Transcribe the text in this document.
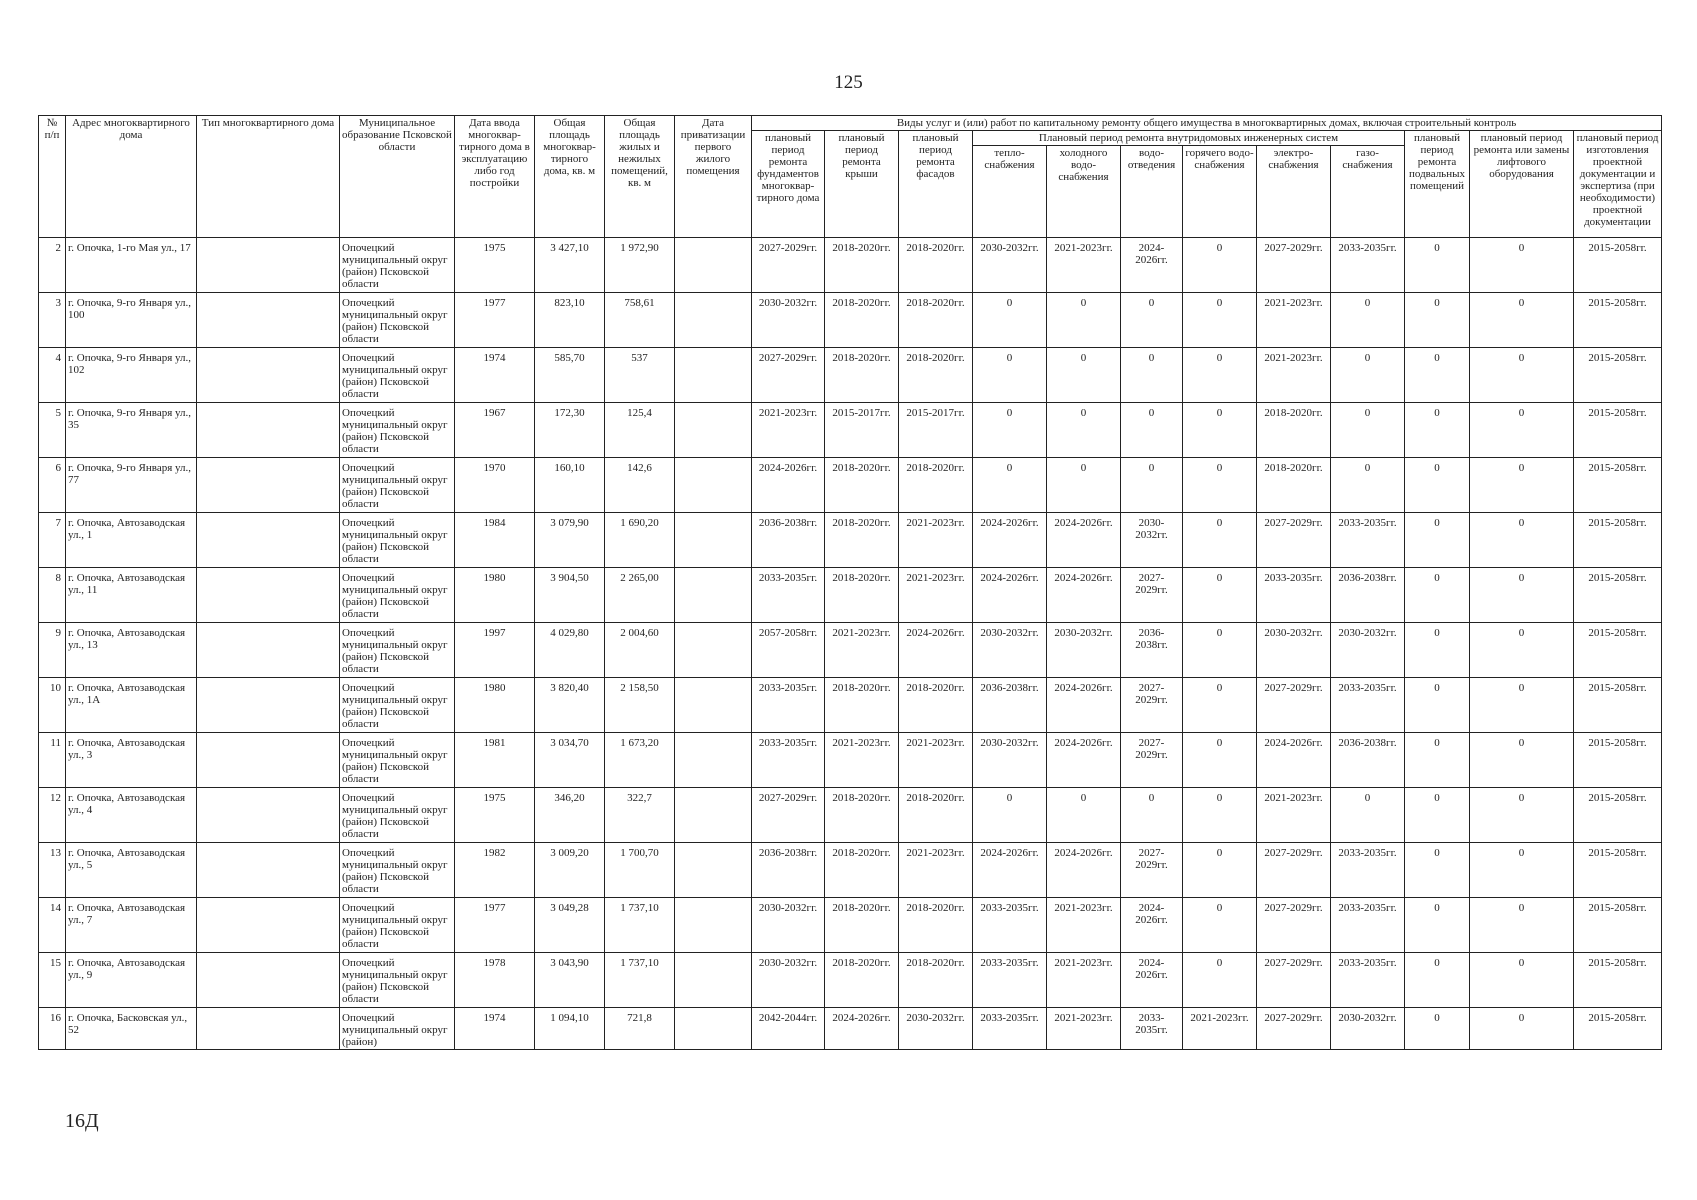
125
№ п/п	Адрес многоквартирного дома	Тип многоквартирного дома	Муниципальное образование Псковской области	Дата ввода многоквар-тирного дома в эксплуатацию либо год постройки	Общая площадь многоквар-тирного дома, кв. м	Общая площадь жилых и нежилых помещений, кв. м	Дата приватизации первого жилого помещения	Виды услуг и (или) работ по капитальному ремонту общего имущества в многоквартирных домах, включая строительный контроль											
								плановый период ремонта фундаментов многоквар-тирного дома	плановый период ремонта крыши	плановый период ремонта фасадов	Плановый период ремонта внутридомовых инженерных систем						плановый период ремонта подвальных помещений	плановый период ремонта или замены лифтового оборудования	плановый период изготовления проектной документации и экспертиза (при необходимости) проектной документации
											тепло-снабжения	холодного водо-снабжения	водо-отведения	горячего водо-снабжения	электро-снабжения	газо-снабжения			
2	г. Опочка, 1-го Мая ул., 17		Опочецкий муниципальный округ (район) Псковской области	1975	3 427,10	1 972,90		2027-2029гг.	2018-2020гг.	2018-2020гг.	2030-2032гг.	2021-2023гг.	2024-2026гг.	0	2027-2029гг.	2033-2035гг.	0	0	2015-2058гг.
3	г. Опочка, 9-го Января ул., 100		Опочецкий муниципальный округ (район) Псковской области	1977	823,10	758,61		2030-2032гг.	2018-2020гг.	2018-2020гг.	0	0	0	0	2021-2023гг.	0	0	0	2015-2058гг.
4	г. Опочка, 9-го Января ул., 102		Опочецкий муниципальный округ (район) Псковской области	1974	585,70	537		2027-2029гг.	2018-2020гг.	2018-2020гг.	0	0	0	0	2021-2023гг.	0	0	0	2015-2058гг.
5	г. Опочка, 9-го Января ул., 35		Опочецкий муниципальный округ (район) Псковской области	1967	172,30	125,4		2021-2023гг.	2015-2017гг.	2015-2017гг.	0	0	0	0	2018-2020гг.	0	0	0	2015-2058гг.
6	г. Опочка, 9-го Января ул., 77		Опочецкий муниципальный округ (район) Псковской области	1970	160,10	142,6		2024-2026гг.	2018-2020гг.	2018-2020гг.	0	0	0	0	2018-2020гг.	0	0	0	2015-2058гг.
7	г. Опочка, Автозаводская ул., 1		Опочецкий муниципальный округ (район) Псковской области	1984	3 079,90	1 690,20		2036-2038гг.	2018-2020гг.	2021-2023гг.	2024-2026гг.	2024-2026гг.	2030-2032гг.	0	2027-2029гг.	2033-2035гг.	0	0	2015-2058гг.
8	г. Опочка, Автозаводская ул., 11		Опочецкий муниципальный округ (район) Псковской области	1980	3 904,50	2 265,00		2033-2035гг.	2018-2020гг.	2021-2023гг.	2024-2026гг.	2024-2026гг.	2027-2029гг.	0	2033-2035гг.	2036-2038гг.	0	0	2015-2058гг.
9	г. Опочка, Автозаводская ул., 13		Опочецкий муниципальный округ (район) Псковской области	1997	4 029,80	2 004,60		2057-2058гг.	2021-2023гг.	2024-2026гг.	2030-2032гг.	2030-2032гг.	2036-2038гг.	0	2030-2032гг.	2030-2032гг.	0	0	2015-2058гг.
10	г. Опочка, Автозаводская ул., 1А		Опочецкий муниципальный округ (район) Псковской области	1980	3 820,40	2 158,50		2033-2035гг.	2018-2020гг.	2018-2020гг.	2036-2038гг.	2024-2026гг.	2027-2029гг.	0	2027-2029гг.	2033-2035гг.	0	0	2015-2058гг.
11	г. Опочка, Автозаводская ул., 3		Опочецкий муниципальный округ (район) Псковской области	1981	3 034,70	1 673,20		2033-2035гг.	2021-2023гг.	2021-2023гг.	2030-2032гг.	2024-2026гг.	2027-2029гг.	0	2024-2026гг.	2036-2038гг.	0	0	2015-2058гг.
12	г. Опочка, Автозаводская ул., 4		Опочецкий муниципальный округ (район) Псковской области	1975	346,20	322,7		2027-2029гг.	2018-2020гг.	2018-2020гг.	0	0	0	0	2021-2023гг.	0	0	0	2015-2058гг.
13	г. Опочка, Автозаводская ул., 5		Опочецкий муниципальный округ (район) Псковской области	1982	3 009,20	1 700,70		2036-2038гг.	2018-2020гг.	2021-2023гг.	2024-2026гг.	2024-2026гг.	2027-2029гг.	0	2027-2029гг.	2033-2035гг.	0	0	2015-2058гг.
14	г. Опочка, Автозаводская ул., 7		Опочецкий муниципальный округ (район) Псковской области	1977	3 049,28	1 737,10		2030-2032гг.	2018-2020гг.	2018-2020гг.	2033-2035гг.	2021-2023гг.	2024-2026гг.	0	2027-2029гг.	2033-2035гг.	0	0	2015-2058гг.
15	г. Опочка, Автозаводская ул., 9		Опочецкий муниципальный округ (район) Псковской области	1978	3 043,90	1 737,10		2030-2032гг.	2018-2020гг.	2018-2020гг.	2033-2035гг.	2021-2023гг.	2024-2026гг.	0	2027-2029гг.	2033-2035гг.	0	0	2015-2058гг.
16	г. Опочка, Басковская ул., 52		Опочецкий муниципальный округ (район)	1974	1 094,10	721,8		2042-2044гг.	2024-2026гг.	2030-2032гг.	2033-2035гг.	2021-2023гг.	2033-2035гг.	2021-2023гг.	2027-2029гг.	2030-2032гг.	0	0	2015-2058гг.
16Д
